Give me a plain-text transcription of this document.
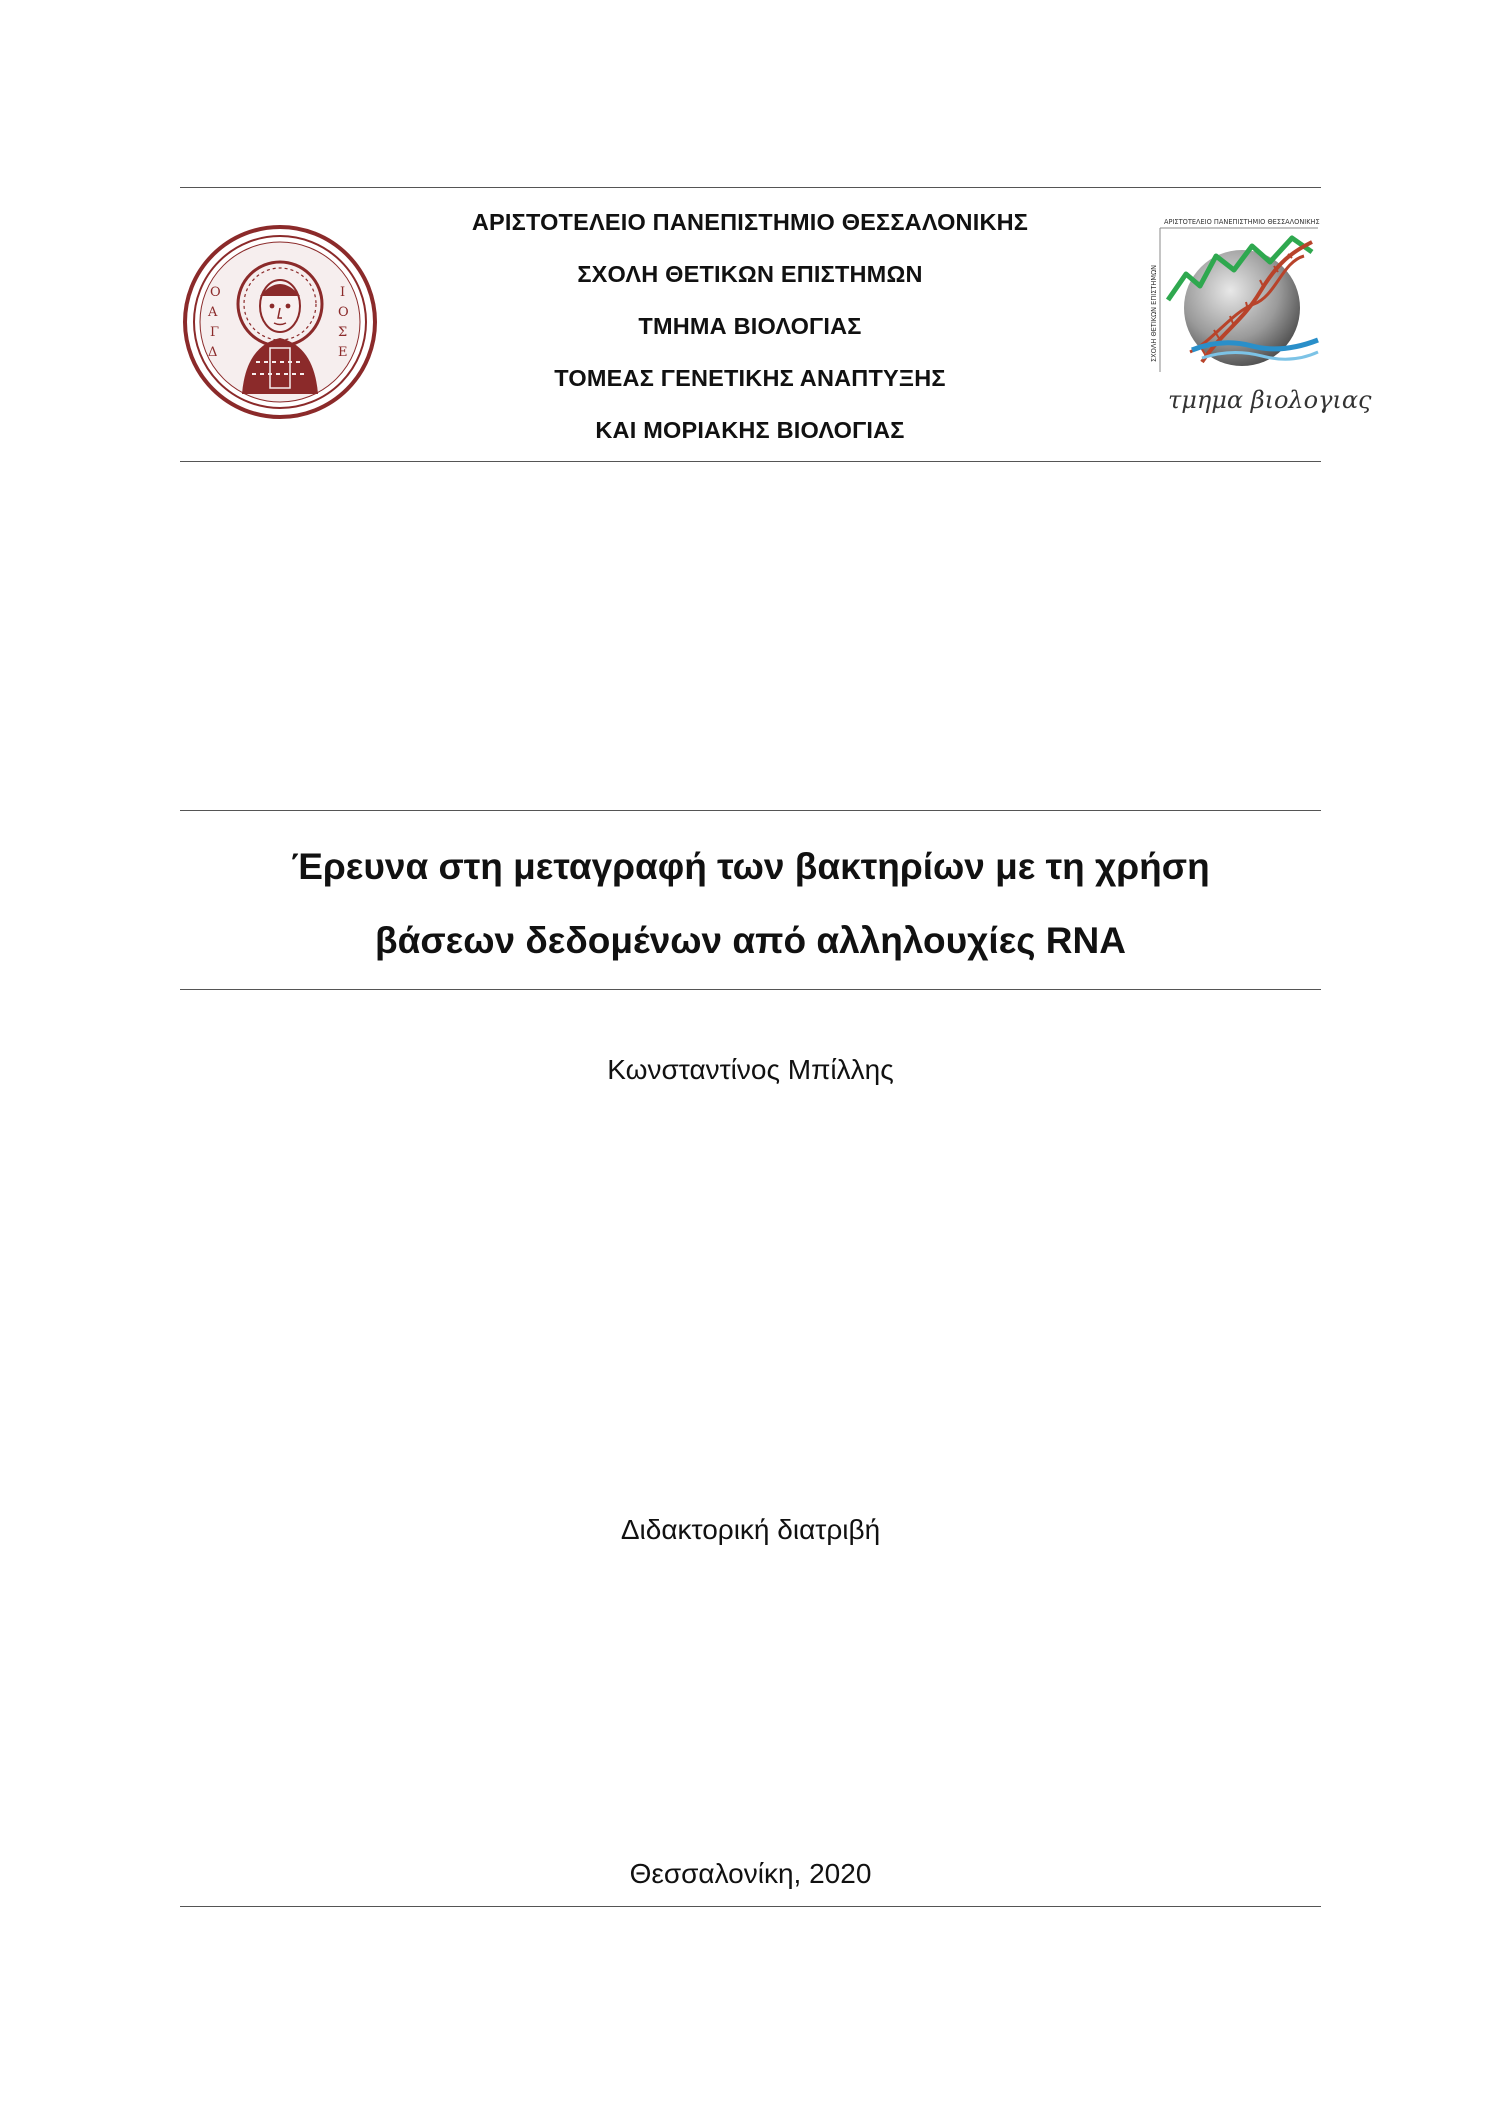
Ο
Α
Γ
Δ
Ι
Ο
Σ
Ε
ΑΡΙΣΤΟΤΕΛΕΙΟ ΠΑΝΕΠΙΣΤΗΜΙΟ ΘΕΣΣΑΛΟΝΙΚΗΣ
ΣΧΟΛΗ ΘΕΤΙΚΩΝ ΕΠΙΣΤΗΜΩΝ
ΤΜΗΜΑ ΒΙΟΛΟΓΙΑΣ
ΤΟΜΕΑΣ ΓΕΝΕΤΙΚΗΣ ΑΝΑΠΤΥΞΗΣ
ΚΑΙ ΜΟΡΙΑΚΗΣ ΒΙΟΛΟΓΙΑΣ
ΑΡΙΣΤΟΤΕΛΕΙΟ ΠΑΝΕΠΙΣΤΗΜΙΟ ΘΕΣΣΑΛΟΝΙΚΗΣ
ΣΧΟΛΗ ΘΕΤΙΚΩΝ ΕΠΙΣΤΗΜΩΝ
τμημα βιολογιας
Έρευνα στη μεταγραφή των βακτηρίων με τη χρήση
βάσεων δεδομένων από αλληλουχίες RNA
Κωνσταντίνος Μπίλλης
Διδακτορική διατριβή
Θεσσαλονίκη, 2020
